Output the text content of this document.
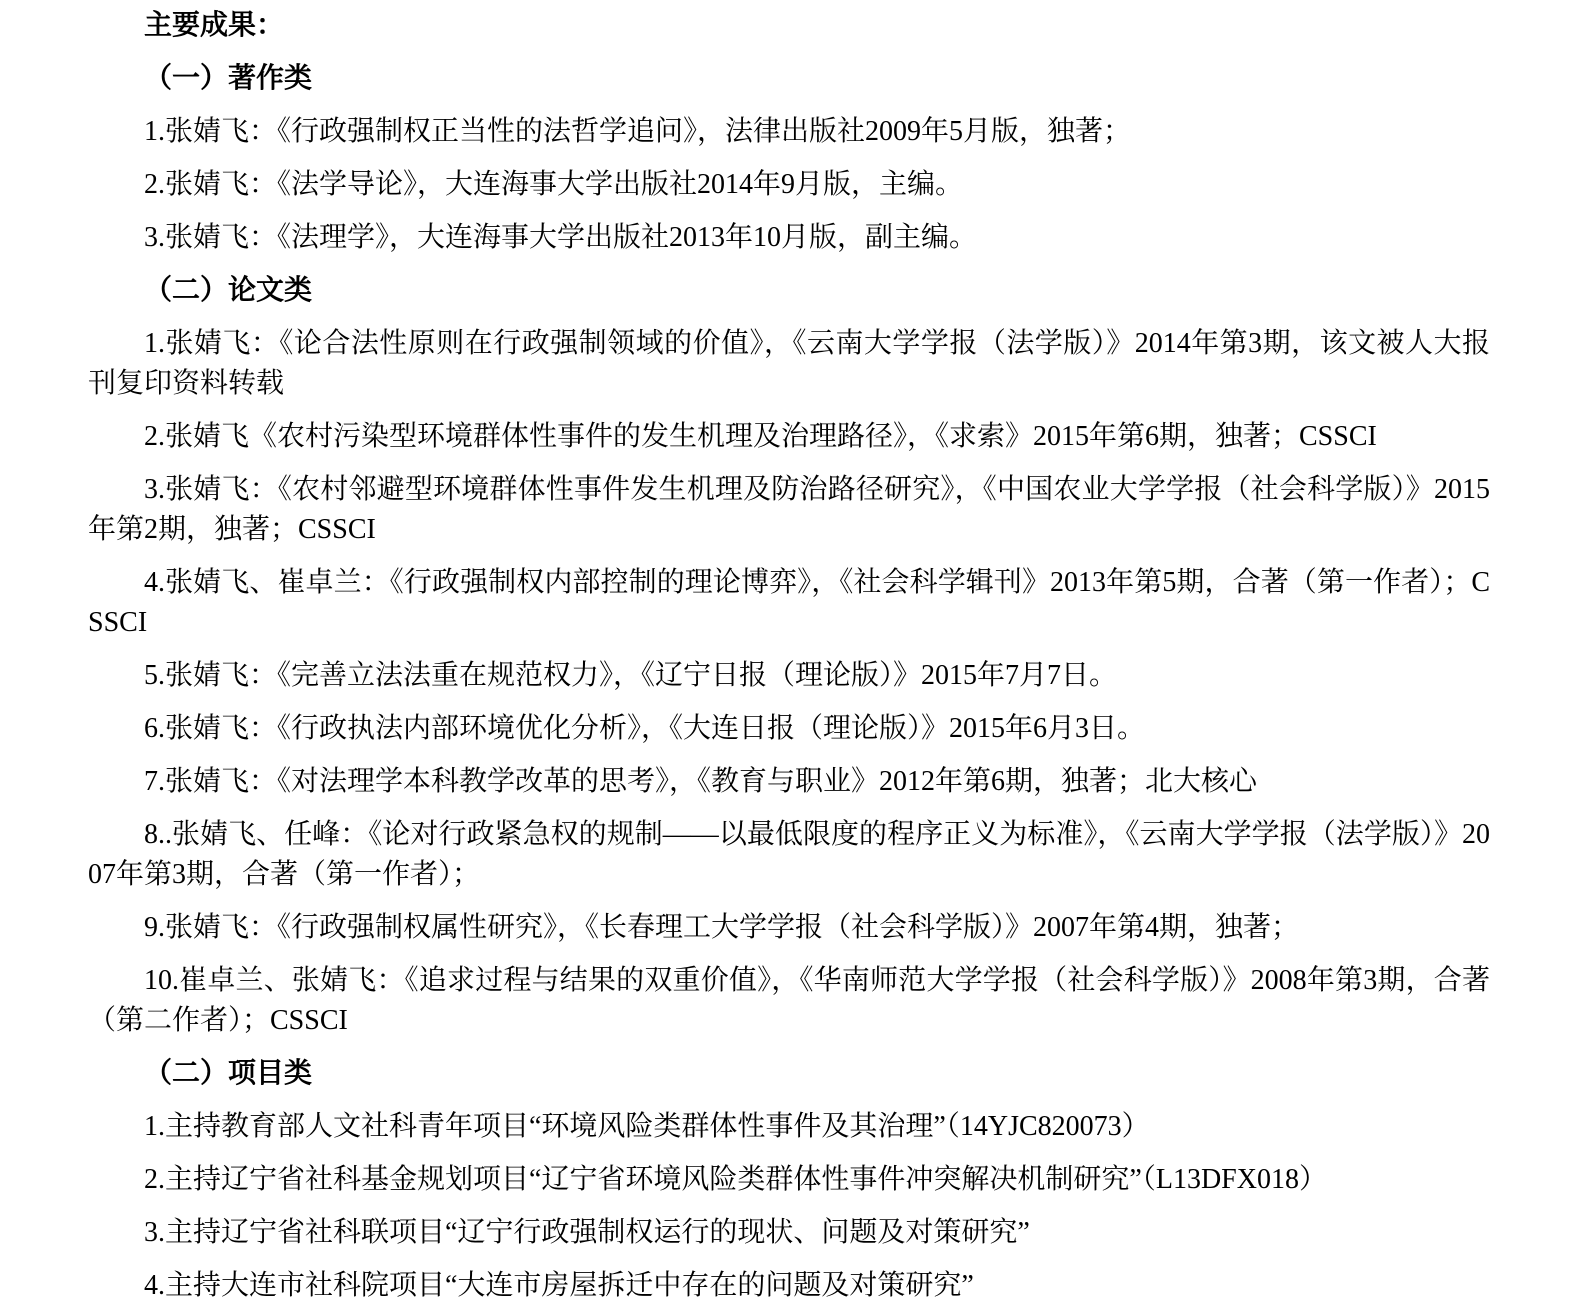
主要成果：

（一）著作类

1.张婧飞：《行政强制权正当性的法哲学追问》，法律出版社2009年5月版，独著；

2.张婧飞：《法学导论》，大连海事大学出版社2014年9月版，主编。

3.张婧飞：《法理学》，大连海事大学出版社2013年10月版，副主编。

（二）论文类

1.张婧飞：《论合法性原则在行政强制领域的价值》，《云南大学学报（法学版）》2014年第3期，该文被人大报刊复印资料转载

2.张婧飞《农村污染型环境群体性事件的发生机理及治理路径》，《求索》2015年第6期，独著；CSSCI

3.张婧飞：《农村邻避型环境群体性事件发生机理及防治路径研究》，《中国农业大学学报（社会科学版）》2015年第2期，独著；CSSCI

4.张婧飞、崔卓兰：《行政强制权内部控制的理论博弈》，《社会科学辑刊》2013年第5期，合著（第一作者）；CSSCI

5.张婧飞：《完善立法法重在规范权力》，《辽宁日报（理论版）》2015年7月7日。

6.张婧飞：《行政执法内部环境优化分析》，《大连日报（理论版）》2015年6月3日。

7.张婧飞：《对法理学本科教学改革的思考》，《教育与职业》2012年第6期，独著；北大核心

8..张婧飞、任峰：《论对行政紧急权的规制——以最低限度的程序正义为标准》，《云南大学学报（法学版）》2007年第3期，合著（第一作者）；

9.张婧飞：《行政强制权属性研究》，《长春理工大学学报（社会科学版）》2007年第4期，独著；

10.崔卓兰、张婧飞：《追求过程与结果的双重价值》，《华南师范大学学报（社会科学版）》2008年第3期，合著（第二作者）；CSSCI

（二）项目类

1.主持教育部人文社科青年项目“环境风险类群体性事件及其治理”（14YJC820073）

2.主持辽宁省社科基金规划项目“辽宁省环境风险类群体性事件冲突解决机制研究”（L13DFX018）

3.主持辽宁省社科联项目“辽宁行政强制权运行的现状、问题及对策研究”

4.主持大连市社科院项目“大连市房屋拆迁中存在的问题及对策研究”
